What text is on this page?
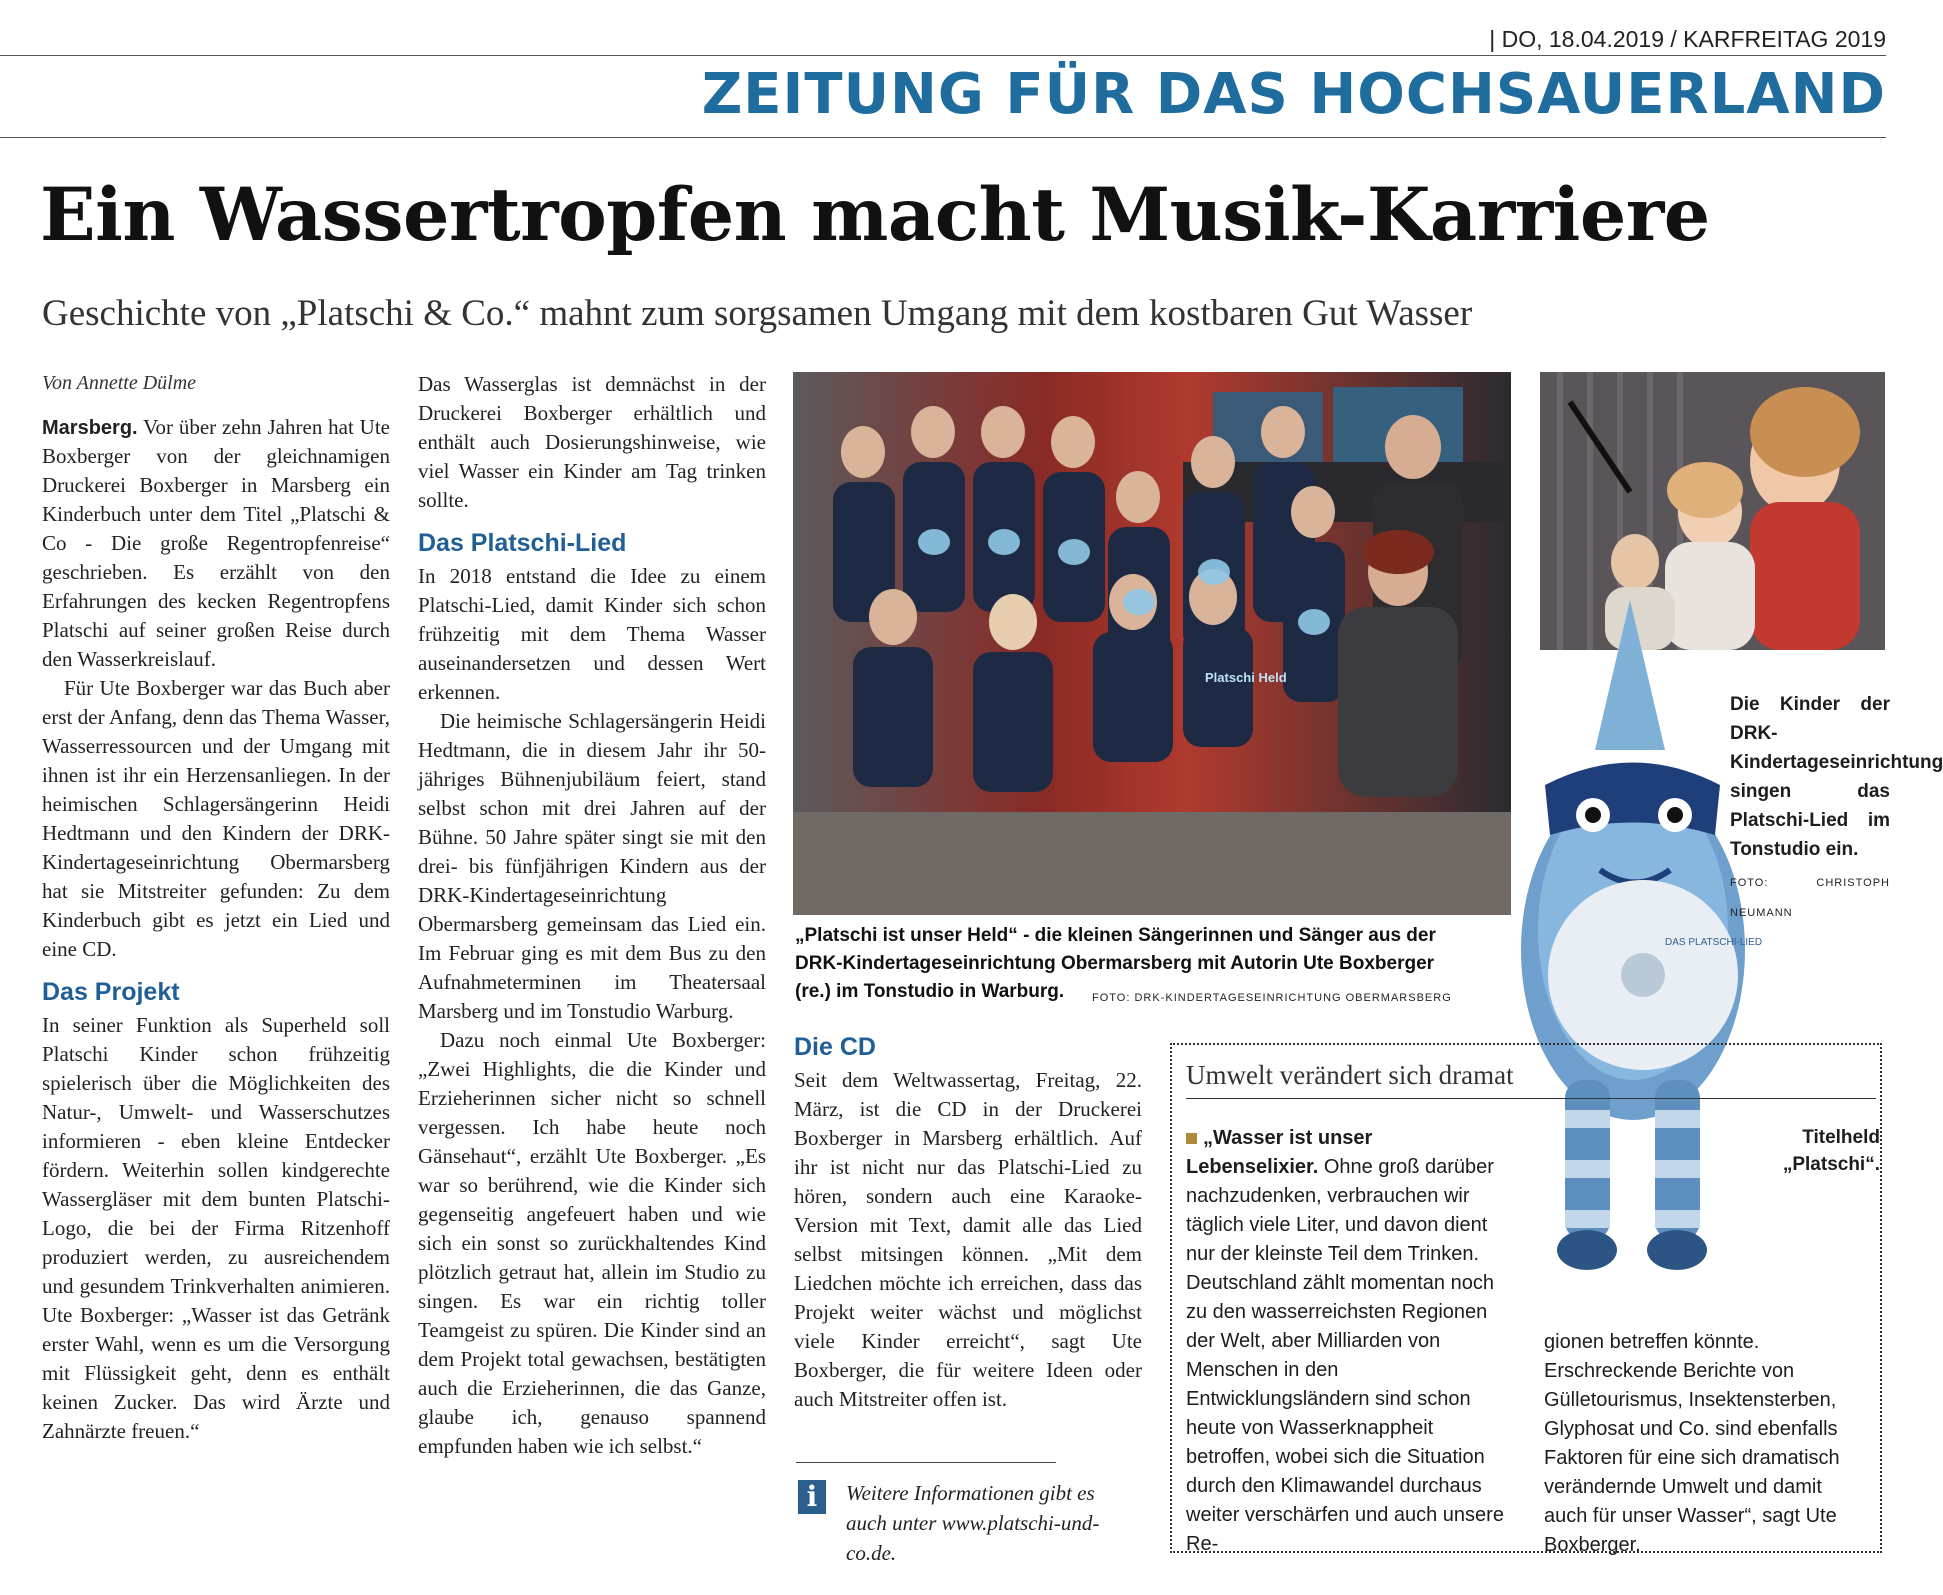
| DO, 18.04.2019 / KARFREITAG 2019
ZEITUNG FÜR DAS HOCHSAUERLAND
Ein Wassertropfen macht Musik-Karriere
Geschichte von „Platschi & Co.“ mahnt zum sorgsamen Umgang mit dem kostbaren Gut Wasser
Von Annette Dülme

Marsberg. Vor über zehn Jahren hat Ute Boxberger von der gleichnamigen Druckerei Boxberger in Marsberg ein Kinderbuch unter dem Titel „Platschi & Co - Die große Regentropfenreise“ geschrieben. Es erzählt von den Erfahrungen des kecken Regentropfens Platschi auf seiner großen Reise durch den Wasserkreislauf.

Für Ute Boxberger war das Buch aber erst der Anfang, denn das Thema Wasser, Wasserressourcen und der Umgang mit ihnen ist ihr ein Herzensanliegen. In der heimischen Schlagersängerinn Heidi Hedtmann und den Kindern der DRK-Kindertageseinrichtung Obermarsberg hat sie Mitstreiter gefunden: Zu dem Kinderbuch gibt es jetzt ein Lied und eine CD.

Das Projekt

In seiner Funktion als Superheld soll Platschi Kinder schon frühzeitig spielerisch über die Möglichkeiten des Natur-, Umwelt- und Wasserschutzes informieren - eben kleine Entdecker fördern. Weiterhin sollen kindgerechte Wassergläser mit dem bunten Platschi-Logo, die bei der Firma Ritzenhoff produziert werden, zu ausreichendem und gesundem Trinkverhalten animieren. Ute Boxberger: „Wasser ist das Getränk erster Wahl, wenn es um die Versorgung mit Flüssigkeit geht, denn es enthält keinen Zucker. Das wird Ärzte und Zahnärzte freuen.“

Das Wasserglas ist demnächst in der Druckerei Boxberger erhältlich und enthält auch Dosierungshinweise, wie viel Wasser ein Kinder am Tag trinken sollte.

Das Platschi-Lied

In 2018 entstand die Idee zu einem Platschi-Lied, damit Kinder sich schon frühzeitig mit dem Thema Wasser auseinandersetzen und dessen Wert erkennen.

Die heimische Schlagersängerin Heidi Hedtmann, die in diesem Jahr ihr 50-jähriges Bühnenjubiläum feiert, stand selbst schon mit drei Jahren auf der Bühne. 50 Jahre später singt sie mit den drei- bis fünfjährigen Kindern aus der DRK-Kindertageseinrichtung Obermarsberg gemeinsam das Lied ein. Im Februar ging es mit dem Bus zu den Aufnahmeterminen im Theatersaal Marsberg und im Tonstudio Warburg.

Dazu noch einmal Ute Boxberger: „Zwei Highlights, die die Kinder und Erzieherinnen sicher nicht so schnell vergessen. Ich habe heute noch Gänsehaut“, erzählt Ute Boxberger. „Es war so berührend, wie die Kinder sich gegenseitig angefeuert haben und wie sich ein sonst so zurückhaltendes Kind plötzlich getraut hat, allein im Studio zu singen. Es war ein richtig toller Teamgeist zu spüren. Die Kinder sind an dem Projekt total gewachsen, bestätigten auch die Erzieherinnen, die das Ganze, glaube ich, genauso spannend empfunden haben wie ich selbst.“

Platschi Held
„Platschi ist unser Held“ - die kleinen Sängerinnen und Sänger aus der DRK-Kindertageseinrichtung Obermarsberg mit Autorin Ute Boxberger (re.) im Tonstudio in Warburg.	FOTO: DRK-KINDERTAGESEINRICHTUNG OBERMARSBERG
Die CD

Seit dem Weltwassertag, Freitag, 22. März, ist die CD in der Druckerei Boxberger in Marsberg erhältlich. Auf ihr ist nicht nur das Platschi-Lied zu hören, sondern auch eine Karaoke-Version mit Text, damit alle das Lied selbst mitsingen können. „Mit dem Liedchen möchte ich erreichen, dass das Projekt weiter wächst und möglichst viele Kinder erreicht“, sagt Ute Boxberger, die für weitere Ideen oder auch Mitstreiter offen ist.

i	Weitere Informationen gibt es auch unter www.platschi-und-co.de.
DAS PLATSCHI-LIED
Die Kinder der DRK-Kindertageseinrichtung singen das Platschi-Lied im Tonstudio ein.
FOTO: CHRISTOPH NEUMANN
Umwelt verändert sich dramat

„Wasser ist unser Lebenselixier. Ohne groß darüber nachzudenken, verbrauchen wir täglich viele Liter, und davon dient nur der kleinste Teil dem Trinken. Deutschland zählt momentan noch zu den wasserreichsten Regionen der Welt, aber Milliarden von Menschen in den Entwicklungsländern sind schon heute von Wasserknappheit betroffen, wobei sich die Situation durch den Klimawandel durchaus weiter verschärfen und auch unsere Re-

gionen betreffen könnte. Erschreckende Berichte von Gülletourismus, Insektensterben, Glyphosat und Co. sind ebenfalls Faktoren für eine sich dramatisch verändernde Umwelt und damit auch für unser Wasser“, sagt Ute Boxberger.

Titelheld „Platschi“.
